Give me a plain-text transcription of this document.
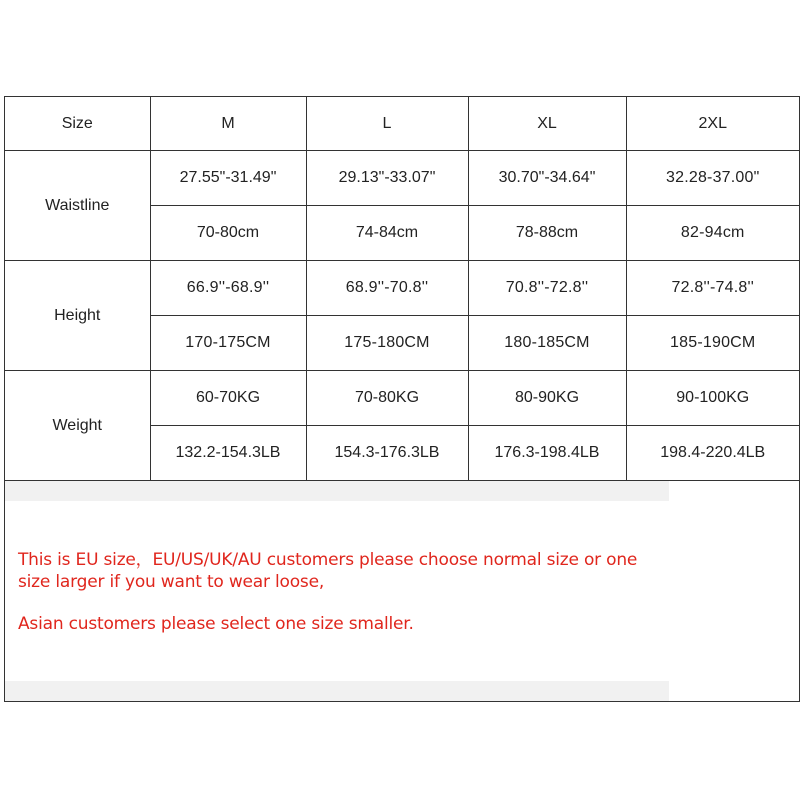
Size	M	L	XL	2XL
Waistline	27.55"-31.49"	29.13"-33.07"	30.70"-34.64"	32.28-37.00"
	70-80cm	74-84cm	78-88cm	82-94cm
Height	66.9''-68.9''	68.9''-70.8''	70.8''-72.8''	72.8''-74.8''
	170-175CM	175-180CM	180-185CM	185-190CM
Weight	60-70KG	70-80KG	80-90KG	90-100KG
	132.2-154.3LB	154.3-176.3LB	176.3-198.4LB	198.4-220.4LB
This is EU size，EU/US/UK/AU customers please choose normal size or one size larger if you want to wear loose,
Asian customers please select one size smaller.
